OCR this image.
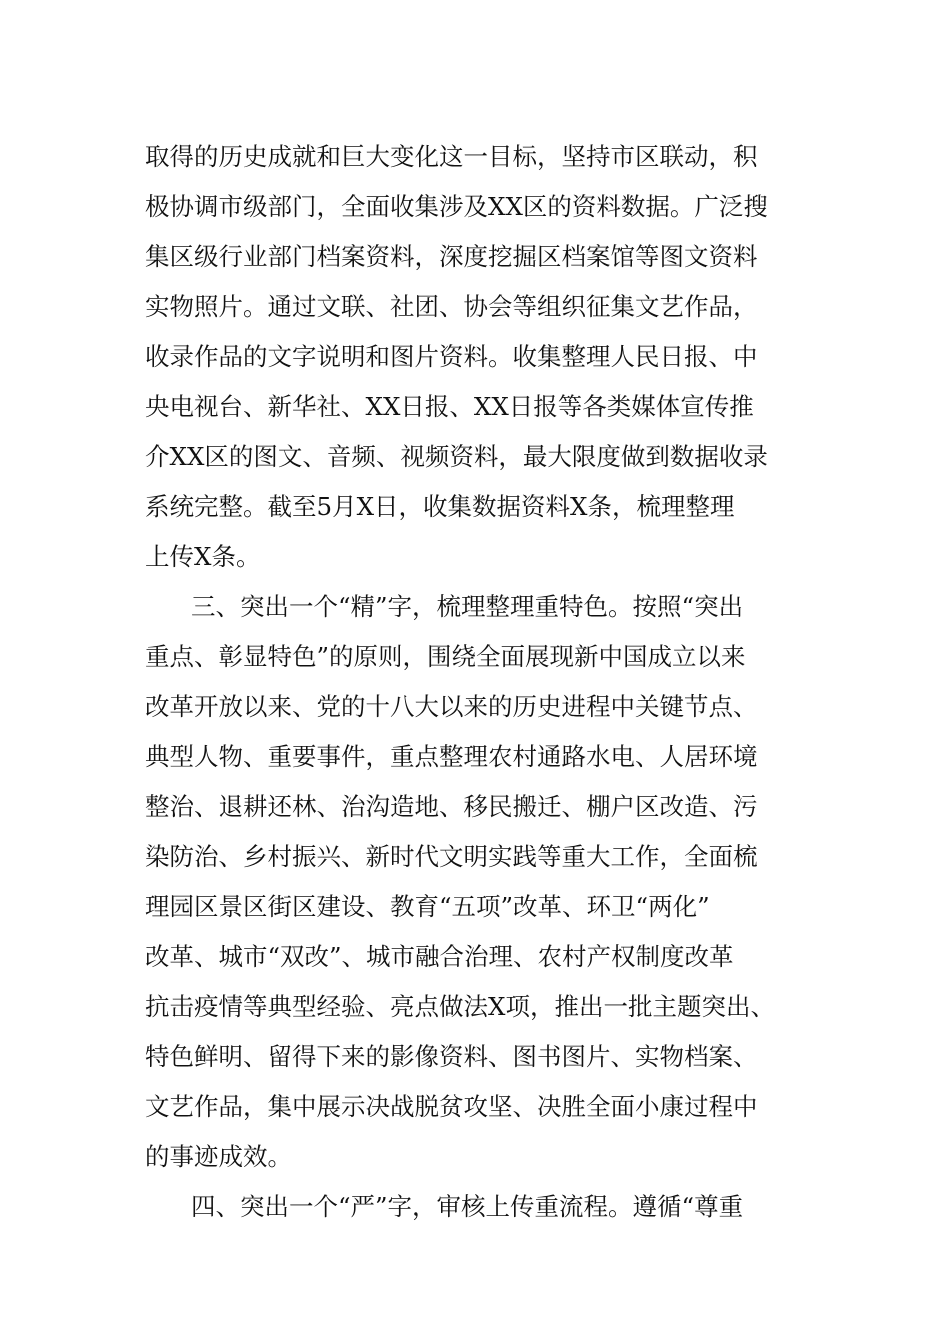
取得的历史成就和巨大变化这一目标，坚持市区联动，积
极协调市级部门，全面收集涉及XX区的资料数据。广泛搜
集区级行业部门档案资料，深度挖掘区档案馆等图文资料
实物照片。通过文联、社团、协会等组织征集文艺作品，
收录作品的文字说明和图片资料。收集整理人民日报、中
央电视台、新华社、XX日报、XX日报等各类媒体宣传推
介XX区的图文、音频、视频资料，最大限度做到数据收录
系统完整。截至5月X日，收集数据资料X条，梳理整理
上传X条。
三、突出一个“精”字，梳理整理重特色。按照“突出
重点、彰显特色”的原则，围绕全面展现新中国成立以来
改革开放以来、党的十八大以来的历史进程中关键节点、
典型人物、重要事件，重点整理农村通路水电、人居环境
整治、退耕还林、治沟造地、移民搬迁、棚户区改造、污
染防治、乡村振兴、新时代文明实践等重大工作，全面梳
理园区景区街区建设、教育“五项”改革、环卫“两化”
改革、城市“双改”、城市融合治理、农村产权制度改革
抗击疫情等典型经验、亮点做法X项，推出一批主题突出、
特色鲜明、留得下来的影像资料、图书图片、实物档案、
文艺作品，集中展示决战脱贫攻坚、决胜全面小康过程中
的事迹成效。
四、突出一个“严”字，审核上传重流程。遵循“尊重
